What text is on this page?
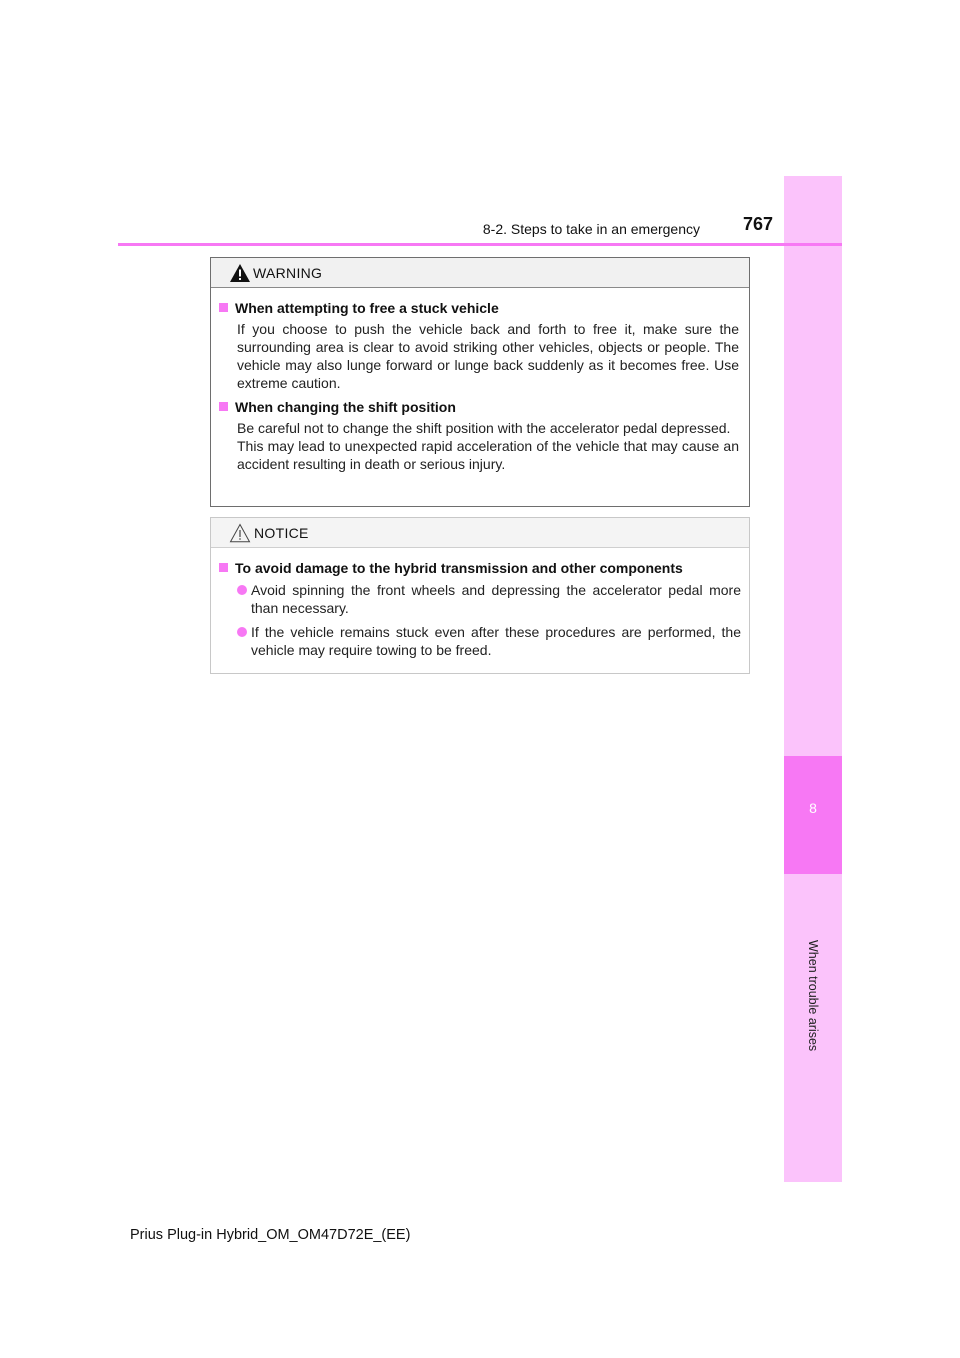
8
When trouble arises
8-2. Steps to take in an emergency	767
WARNING
When attempting to free a stuck vehicle
If you choose to push the vehicle back and forth to free it, make sure the surrounding area is clear to avoid striking other vehicles, objects or people. The vehicle may also lunge forward or lunge back suddenly as it becomes free. Use extreme caution.
When changing the shift position
Be careful not to change the shift position with the accelerator pedal depressed.
This may lead to unexpected rapid acceleration of the vehicle that may cause an accident resulting in death or serious injury.
NOTICE
To avoid damage to the hybrid transmission and other components
Avoid spinning the front wheels and depressing the accelerator pedal more than necessary.
If the vehicle remains stuck even after these procedures are performed, the vehicle may require towing to be freed.
Prius Plug-in Hybrid_OM_OM47D72E_(EE)
